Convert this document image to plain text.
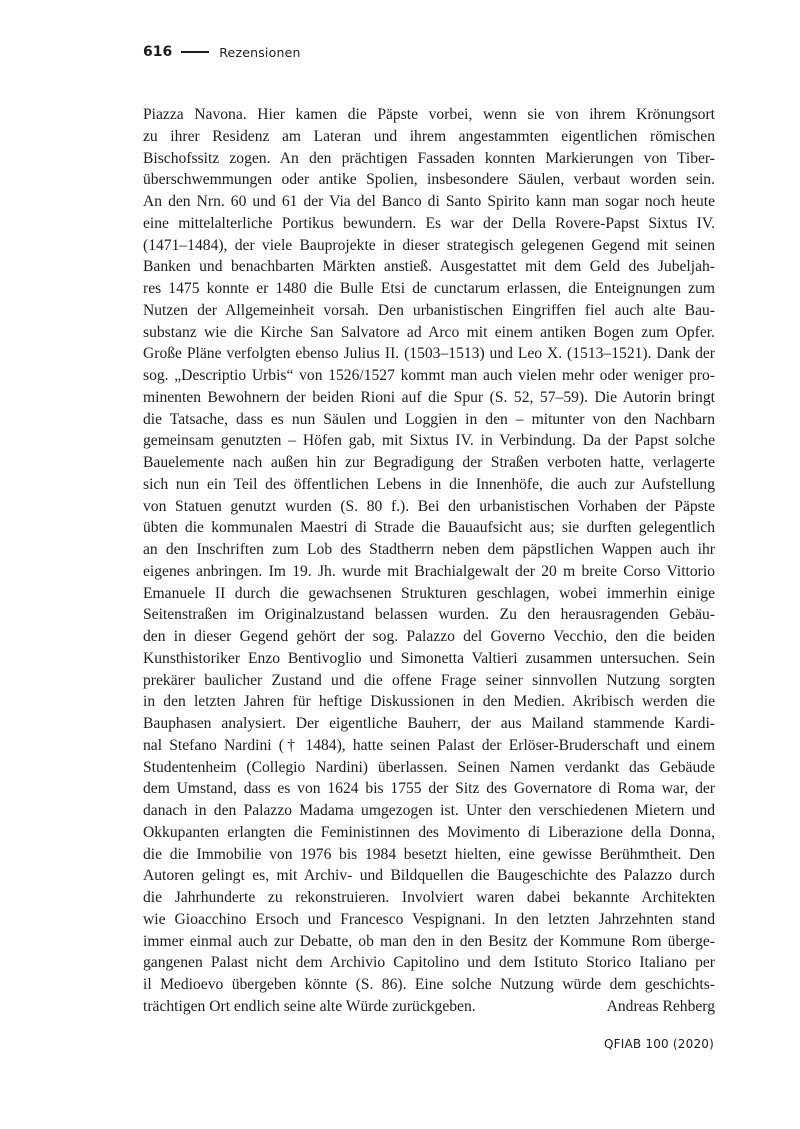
616	Rezensionen
Piazza Navona. Hier kamen die Päpste vorbei, wenn sie von ihrem Krönungsort
zu ihrer Residenz am Lateran und ihrem angestammten eigentlichen römischen
Bischofssitz zogen. An den prächtigen Fassaden konnten Markierungen von Tiber-
überschwemmungen oder antike Spolien, insbesondere Säulen, verbaut worden sein.
An den Nrn. 60 und 61 der Via del Banco di Santo Spirito kann man sogar noch heute
eine mittelalterliche Portikus bewundern. Es war der Della Rovere-Papst Sixtus IV.
(1471–1484), der viele Bauprojekte in dieser strategisch gelegenen Gegend mit seinen
Banken und benachbarten Märkten anstieß. Ausgestattet mit dem Geld des Jubeljah-
res 1475 konnte er 1480 die Bulle Etsi de cunctarum erlassen, die Enteignungen zum
Nutzen der Allgemeinheit vorsah. Den urbanistischen Eingriffen fiel auch alte Bau-
substanz wie die Kirche San Salvatore ad Arco mit einem antiken Bogen zum Opfer.
Große Pläne verfolgten ebenso Julius II. (1503–1513) und Leo X. (1513–1521). Dank der
sog. „Descriptio Urbis“ von 1526/1527 kommt man auch vielen mehr oder weniger pro-
minenten Bewohnern der beiden Rioni auf die Spur (S. 52, 57–59). Die Autorin bringt
die Tatsache, dass es nun Säulen und Loggien in den – mitunter von den Nachbarn
gemeinsam genutzten – Höfen gab, mit Sixtus IV. in Verbindung. Da der Papst solche
Bauelemente nach außen hin zur Begradigung der Straßen verboten hatte, verlagerte
sich nun ein Teil des öffentlichen Lebens in die Innenhöfe, die auch zur Aufstellung
von Statuen genutzt wurden (S. 80 f.). Bei den urbanistischen Vorhaben der Päpste
übten die kommunalen Maestri di Strade die Bauaufsicht aus; sie durften gelegentlich
an den Inschriften zum Lob des Stadtherrn neben dem päpstlichen Wappen auch ihr
eigenes anbringen. Im 19. Jh. wurde mit Brachialgewalt der 20 m breite Corso Vittorio
Emanuele II durch die gewachsenen Strukturen geschlagen, wobei immerhin einige
Seitenstraßen im Originalzustand belassen wurden. Zu den herausragenden Gebäu-
den in dieser Gegend gehört der sog. Palazzo del Governo Vecchio, den die beiden
Kunsthistoriker Enzo Bentivoglio und Simonetta Valtieri zusammen untersuchen. Sein
prekärer baulicher Zustand und die offene Frage seiner sinnvollen Nutzung sorgten
in den letzten Jahren für heftige Diskussionen in den Medien. Akribisch werden die
Bauphasen analysiert. Der eigentliche Bauherr, der aus Mailand stammende Kardi-
nal Stefano Nardini († 1484), hatte seinen Palast der Erlöser-Bruderschaft und einem
Studentenheim (Collegio Nardini) überlassen. Seinen Namen verdankt das Gebäude
dem Umstand, dass es von 1624 bis 1755 der Sitz des Governatore di Roma war, der
danach in den Palazzo Madama umgezogen ist. Unter den verschiedenen Mietern und
Okkupanten erlangten die Feministinnen des Movimento di Liberazione della Donna,
die die Immobilie von 1976 bis 1984 besetzt hielten, eine gewisse Berühmtheit. Den
Autoren gelingt es, mit Archiv- und Bildquellen die Baugeschichte des Palazzo durch
die Jahrhunderte zu rekonstruieren. Involviert waren dabei bekannte Architekten
wie Gioacchino Ersoch und Francesco Vespignani. In den letzten Jahrzehnten stand
immer einmal auch zur Debatte, ob man den in den Besitz der Kommune Rom überge-
gangenen Palast nicht dem Archivio Capitolino und dem Istituto Storico Italiano per
il Medioevo übergeben könnte (S. 86). Eine solche Nutzung würde dem geschichts-
trächtigen Ort endlich seine alte Würde zurückgeben.	Andreas Rehberg
QFIAB 100 (2020)
